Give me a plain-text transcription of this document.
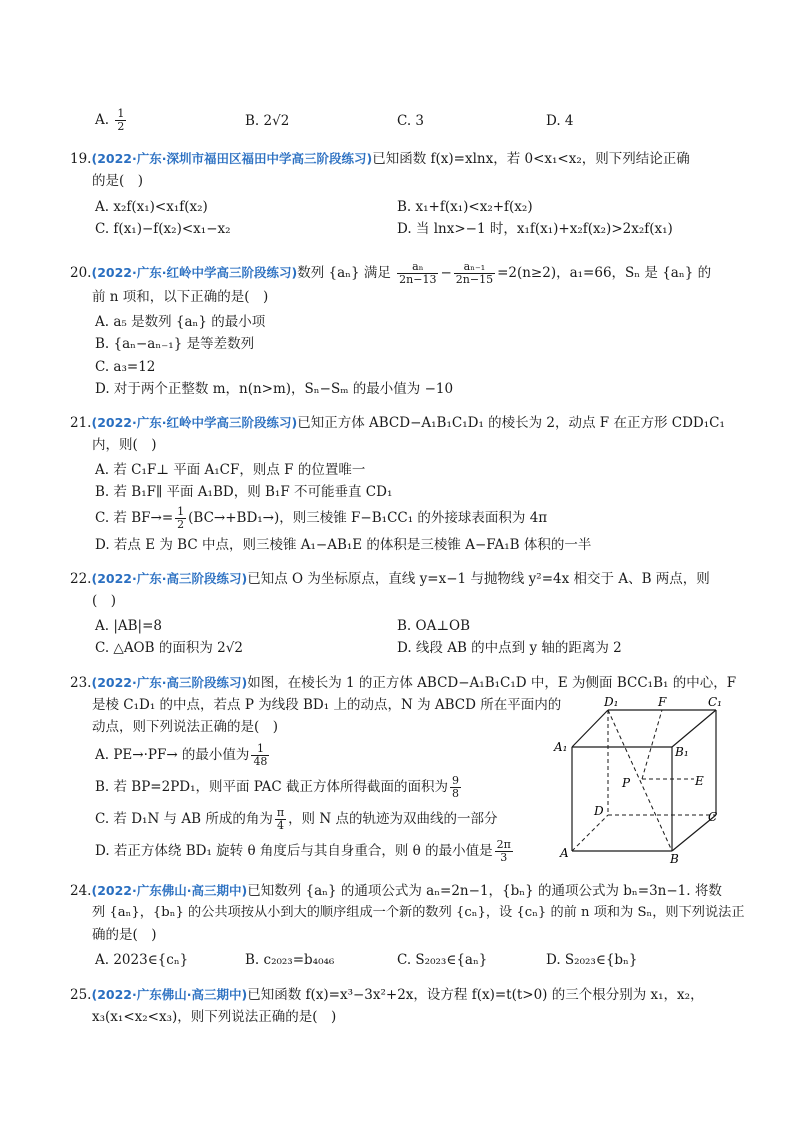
A. $\frac{1}{2}$	B. 2√2	C. 3	D. 4
19.(2022·广东·深圳市福田区福田中学高三阶段练习)已知函数 f(x)=xlnx，若 0<x₁<x₂，则下列结论正确
的是(　)
A. x₂f(x₁)<x₁f(x₂)	B. x₁+f(x₁)<x₂+f(x₂)
C. f(x₁)−f(x₂)<x₁−x₂	D. 当 lnx>−1 时，x₁f(x₁)+x₂f(x₂)>2x₂f(x₁)
20.(2022·广东·红岭中学高三阶段练习)数列 {aₙ} 满足 $\frac{\text{aₙ}}{2n-13} - \frac{\text{aₙ₋₁}}{2n-15} =2(n\ge 2)$，a₁=66，Sₙ 是 {aₙ} 的
前 n 项和，以下正确的是(　)
A. a₅ 是数列 {aₙ} 的最小项
B. {aₙ−aₙ₋₁} 是等差数列
C. a₃=12
D. 对于两个正整数 m，n(n>m)，Sₙ−Sₘ 的最小值为 −10
21.(2022·广东·红岭中学高三阶段练习)已知正方体 ABCD−A₁B₁C₁D₁ 的棱长为 2，动点 F 在正方形 CDD₁C₁
内，则(　)
A. 若 C₁F⊥ 平面 A₁CF，则点 F 的位置唯一
B. 若 B₁F∥ 平面 A₁BD，则 B₁F 不可能垂直 CD₁
C. 若 $BF\to= \frac{1}{2} (BC\to+BD_1\to)$，则三棱锥 F−B₁CC₁ 的外接球表面积为 4π
D. 若点 E 为 BC 中点，则三棱锥 A₁−AB₁E 的体积是三棱锥 A−FA₁B 体积的一半
22.(2022·广东·高三阶段练习)已知点 O 为坐标原点，直线 y=x−1 与抛物线 y²=4x 相交于 A、B 两点，则
(　)
A. |AB|=8	B. OA⊥OB
C. △AOB 的面积为 2√2	D. 线段 AB 的中点到 y 轴的距离为 2
23.(2022·广东·高三阶段练习)如图，在棱长为 1 的正方体 ABCD−A₁B₁C₁D 中，E 为侧面 BCC₁B₁ 的中心，F
是棱 C₁D₁ 的中点，若点 P 为线段 BD₁ 上的动点，N 为 ABCD 所在平面内的
动点，则下列说法正确的是(　)
A. PE→·PF→ 的最小值为 $\frac{1}{48}$
B. 若 BP=2PD₁，则平面 PAC 截正方体所得截面的面积为 $\frac{9}{8}$
C. 若 D₁N 与 AB 所成的角为 $\frac{\pi}{4}$ ，则 N 点的轨迹为双曲线的一部分
D. 若正方体绕 BD₁ 旋转 θ 角度后与其自身重合，则 θ 的最小值是 $\frac{2\pi}{3}$
D₁	F	C₁
A₁	B₁
P	E
D	C
A	B
24.(2022·广东佛山·高三期中)已知数列 {aₙ} 的通项公式为 aₙ=2n−1，{bₙ} 的通项公式为 bₙ=3n−1. 将数
列 {aₙ}，{bₙ} 的公共项按从小到大的顺序组成一个新的数列 {cₙ}，设 {cₙ} 的前 n 项和为 Sₙ，则下列说法正
确的是(　)
A. 2023∈{cₙ}	B. c₂₀₂₃=b₄₀₄₆	C. S₂₀₂₃∈{aₙ}	D. S₂₀₂₃∈{bₙ}
25.(2022·广东佛山·高三期中)已知函数 f(x)=x³−3x²+2x，设方程 f(x)=t(t>0) 的三个根分别为 x₁，x₂，
x₃(x₁<x₂<x₃)，则下列说法正确的是(　)
